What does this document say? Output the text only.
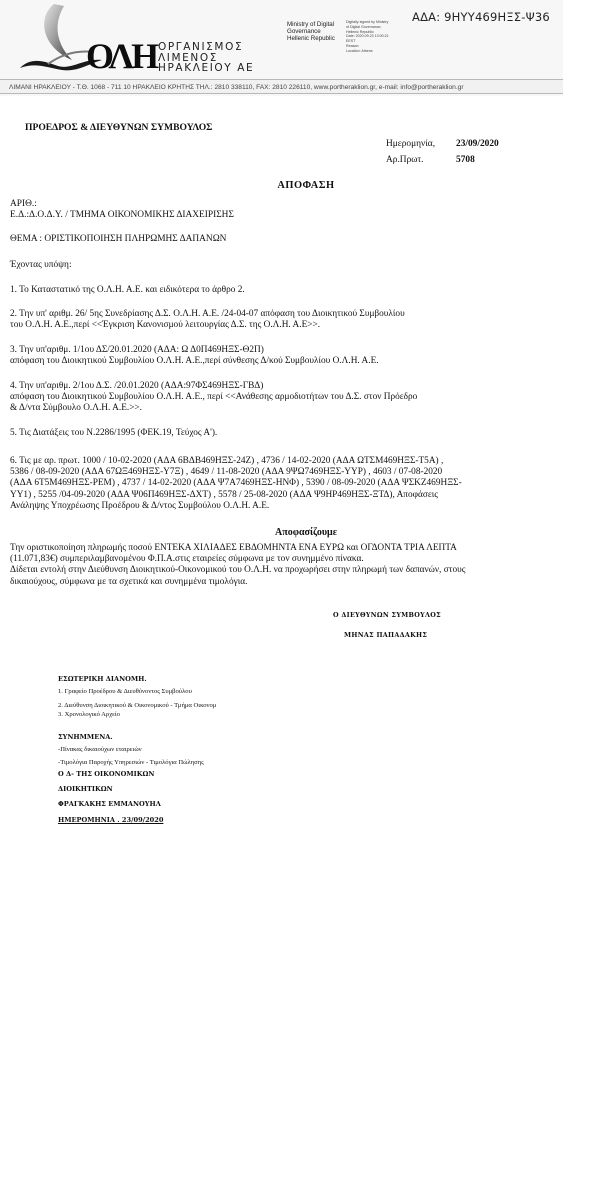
ΟΛΗ ΟΡΓΑΝΙΣΜΟΣ
ΛΙΜΕΝΟΣ
ΗΡΑΚΛΕΙΟΥ ΑΕ
Ministry of Digital
Governance
Hellenic Republic
Digitally signed by Ministry
of Digital Governance,
Hellenic Republic
Date: 2020.09.23 13:00:21
EEST
Reason:
Location: Athens
ΛΙΜΑΝΙ ΗΡΑΚΛΕΙΟΥ - Τ.Θ. 1068 - 711 10 ΗΡΑΚΛΕΙΟ ΚΡΗΤΗΣ ΤΗΛ.: 2810 338110, FAX: 2810 226110, www.portheraklion.gr, e-mail: info@portheraklion.gr
ΑΔΑ: 9ΗΥΥ469ΗΞΣ-Ψ36
ΠΡΟΕΔΡΟΣ & ΔΙΕΥΘΥΝΩΝ ΣΥΜΒΟΥΛΟΣ
Ημερομηνία, 23/09/2020
Αρ.Πρωτ.	5708
ΑΠΟΦΑΣΗ
ΑΡΙΘ.:
Ε.Δ.:Δ.Ο.Δ.Υ. / ΤΜΗΜΑ ΟΙΚΟΝΟΜΙΚΗΣ ΔΙΑΧΕΙΡΙΣΗΣ
ΘΕΜΑ : ΟΡΙΣΤΙΚΟΠΟΙΗΣΗ ΠΛΗΡΩΜΗΣ ΔΑΠΑΝΩΝ
Έχοντας υπόψη:
1. Το Καταστατικό της Ο.Λ.Η. Α.Ε. και ειδικότερα το άρθρο 2.
2. Την υπ' αριθμ. 26/ 5ης Συνεδρίασης Δ.Σ. Ο.Λ.Η. Α.Ε. /24-04-07 απόφαση του Διοικητικού Συμβουλίου
του Ο.Λ.Η. Α.Ε.,περί <<Έγκριση Κανονισμού λειτουργίας Δ.Σ. της Ο.Λ.Η. Α.Ε>>.
3. Την υπ'αριθμ. 1/1ου ΔΣ/20.01.2020 (ΑΔΑ: Ω Δ0Π469ΗΞΣ-Θ2Π)
απόφαση του Διοικητικού Συμβουλίου Ο.Λ.Η. Α.Ε.,περί σύνθεσης Δ/κού Συμβουλίου Ο.Λ.Η. Α.Ε.
4. Την υπ'αριθμ. 2/1ου Δ.Σ. /20.01.2020 (ΑΔΑ:97ΦΣ469ΗΞΣ-ΓΒΔ)
απόφαση του Διοικητικού Συμβουλίου Ο.Λ.Η. Α.Ε., περί <<Ανάθεσης αρμοδιοτήτων του Δ.Σ. στον Πρόεδρο
& Δ/ντα Σύμβουλο Ο.Λ.Η. Α.Ε.>>.
5. Τις Διατάξεις του Ν.2286/1995 (ΦΕΚ.19, Τεύχος Α').
6. Τις με αρ. πρωτ. 1000 / 10-02-2020 (ΑΔΑ 6ΒΔΒ469ΗΞΣ-24Ζ) , 4736 / 14-02-2020 (ΑΔΑ ΩΤΣΜ469ΗΞΣ-Τ5Α) ,
5386 / 08-09-2020 (ΑΔΑ 67ΩΞ469ΗΞΣ-Υ7Ξ) , 4649 / 11-08-2020 (ΑΔΑ 9ΨΩ7469ΗΞΣ-ΥΥΡ) , 4603 / 07-08-2020
(ΑΔΑ 6Τ5Μ469ΗΞΣ-ΡΕΜ) , 4737 / 14-02-2020 (ΑΔΑ Ψ7Α7469ΗΞΣ-ΗΝΦ) , 5390 / 08-09-2020 (ΑΔΑ ΨΣΚΖ469ΗΞΣ-
ΥΥ1) , 5255 /04-09-2020 (ΑΔΑ Ψ06Π469ΗΞΣ-ΔΧΤ) , 5578 / 25-08-2020 (ΑΔΑ Ψ9ΗΡ469ΗΞΣ-ΞΤΔ), Αποφάσεις
Ανάληψης Υποχρέωσης Προέδρου & Δ/ντος Συμβούλου Ο.Λ.Η. Α.Ε.
Αποφασίζουμε
Την οριστικοποίηση πληρωμής ποσού ΕΝΤΕΚΑ ΧΙΛΙΑΔΕΣ ΕΒΔΟΜΗΝΤΑ ΕΝΑ ΕΥΡΩ και ΟΓΔΟΝΤΑ ΤΡΙΑ ΛΕΠΤΑ
(11.071,83€) συμπεριλαμβανομένου Φ.Π.Α.στις εταιρείες σύμφωνα με τον συνημμένο πίνακα.
Δίδεται εντολή στην Διεύθυνση Διοικητικού-Οικονομικού του Ο.Λ.Η. να προχωρήσει στην πληρωμή των δαπανών, στους
δικαιούχους, σύμφωνα με τα σχετικά και συνημμένα τιμολόγια.
Ο ΔΙΕΥΘΥΝΩΝ ΣΥΜΒΟΥΛΟΣ
ΜΗΝΑΣ ΠΑΠΑΔΑΚΗΣ
ΕΣΩΤΕΡΙΚΗ ΔΙΑΝΟΜΗ.
1. Γραφείο Προέδρου & Διευθύνοντος Συμβούλου
2. Διεύθυνση Διοικητικού & Οικονομικού - Τμήμα Οικονομ
3. Χρονολογικό Αρχείο
ΣΥΝΗΜΜΕΝΑ.
-Πίνακας δικαιούχων εταιρειών
-Τιμολόγια Παροχής Υπηρεσιών - Τιμολόγια Πώλησης
Ο Δ- ΤΗΣ ΟΙΚΟΝΟΜΙΚΩΝ
ΔΙΟΙΚΗΤΙΚΩΝ
ΦΡΑΓΚΑΚΗΣ ΕΜΜΑΝΟΥΗΛ
ΗΜΕΡΟΜΗΝΙΑ . 23/09/2020
